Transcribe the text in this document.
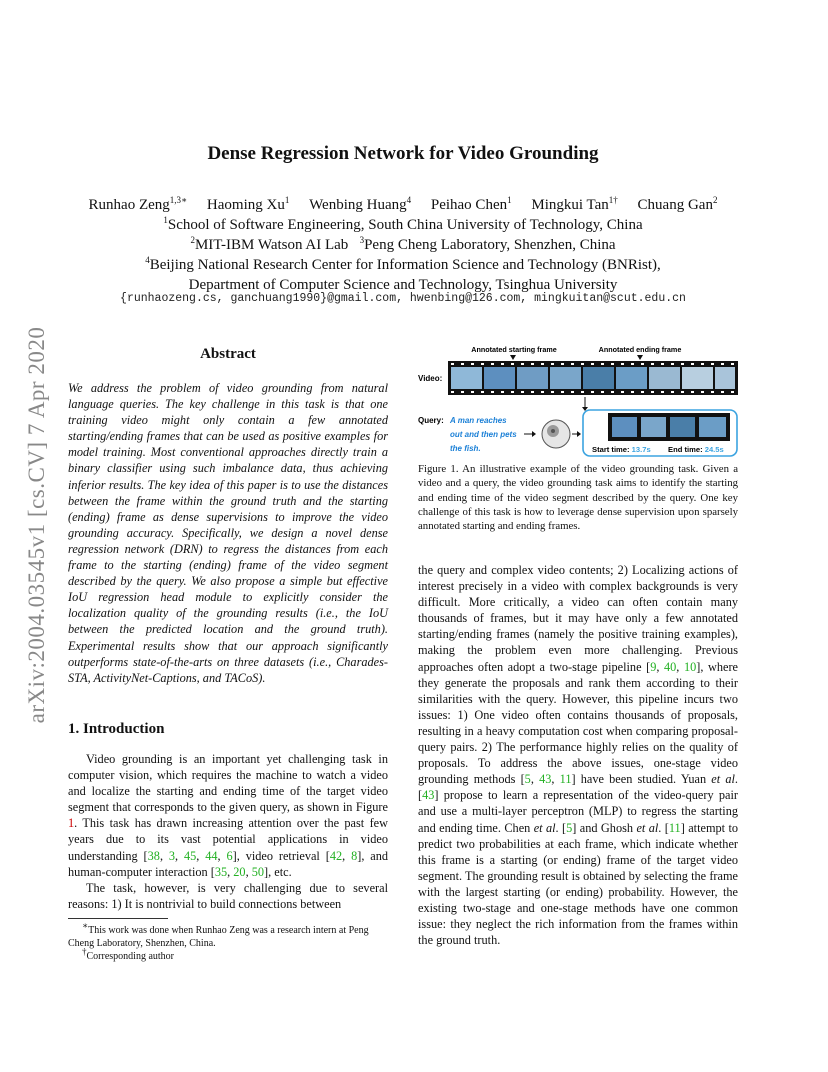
arXiv:2004.03545v1 [cs.CV] 7 Apr 2020
Dense Regression Network for Video Grounding
Runhao Zeng$^{1,3∗}$ Haoming Xu$^1$ Wenbing Huang$^4$ Peihao Chen$^1$ Mingkui Tan$^{1\dagger}$ Chuang Gan$^2$
$^1$School of Software Engineering, South China University of Technology, China
$^2$MIT-IBM Watson AI Lab $^3$Peng Cheng Laboratory, Shenzhen, China
$^4$Beijing National Research Center for Information Science and Technology (BNRist),
Department of Computer Science and Technology, Tsinghua University
{runhaozeng.cs, ganchuang1990}@gmail.com, hwenbing@126.com, mingkuitan@scut.edu.cn
Abstract
We address the problem of video grounding from natural language queries. The key challenge in this task is that one training video might only contain a few annotated starting/ending frames that can be used as positive examples for model training. Most conventional approaches directly train a binary classifier using such imbalance data, thus achieving inferior results. The key idea of this paper is to use the distances between the frame within the ground truth and the starting (ending) frame as dense supervisions to improve the video grounding accuracy. Specifically, we design a novel dense regression network (DRN) to regress the distances from each frame to the starting (ending) frame of the video segment described by the query. We also propose a simple but effective IoU regression head module to explicitly consider the localization quality of the grounding results (i.e., the IoU between the predicted location and the ground truth). Experimental results show that our approach significantly outperforms state-of-the-arts on three datasets (i.e., Charades-STA, ActivityNet-Captions, and TACoS).
1. Introduction

Video grounding is an important yet challenging task in computer vision, which requires the machine to watch a video and localize the starting and ending time of the target video segment that corresponds to the given query, as shown in Figure 1. This task has drawn increasing attention over the past few years due to its vast potential applications in video understanding [38, 3, 45, 44, 6], video retrieval [42, 8], and human-computer interaction [35, 20, 50], etc.

The task, however, is very challenging due to several reasons: 1) It is nontrivial to build connections between

∗This work was done when Runhao Zeng was a research intern at Peng Cheng Laboratory, Shenzhen, China.
†Corresponding author
Annotated starting frame	Annotated ending frame
Video:
Query: A man reaches
out and then pets
the fish.	Start time: 13.7s End time: 24.5s
Figure 1. An illustrative example of the video grounding task. Given a video and a query, the video grounding task aims to identify the starting and ending time of the video segment described by the query. One key challenge of this task is how to leverage dense supervision upon sparsely annotated starting and ending frames.
the query and complex video contents; 2) Localizing actions of interest precisely in a video with complex backgrounds is very difficult. More critically, a video can often contain many thousands of frames, but it may have only a few annotated starting/ending frames (namely the positive training examples), making the problem even more challenging. Previous approaches often adopt a two-stage pipeline [9, 40, 10], where they generate the proposals and rank them according to their similarities with the query. However, this pipeline incurs two issues: 1) One video often contains thousands of proposals, resulting in a heavy computation cost when comparing proposal-query pairs. 2) The performance highly relies on the quality of proposals. To address the above issues, one-stage video grounding methods [5, 43, 11] have been studied. Yuan et al. [43] propose to learn a representation of the video-query pair and use a multi-layer perceptron (MLP) to regress the starting and ending time. Chen et al. [5] and Ghosh et al. [11] attempt to predict two probabilities at each frame, which indicate whether this frame is a starting (or ending) frame of the target video segment. The grounding result is obtained by selecting the frame with the largest starting (or ending) probability. However, the existing two-stage and one-stage methods have one common issue: they neglect the rich information from the frames within the ground truth.
